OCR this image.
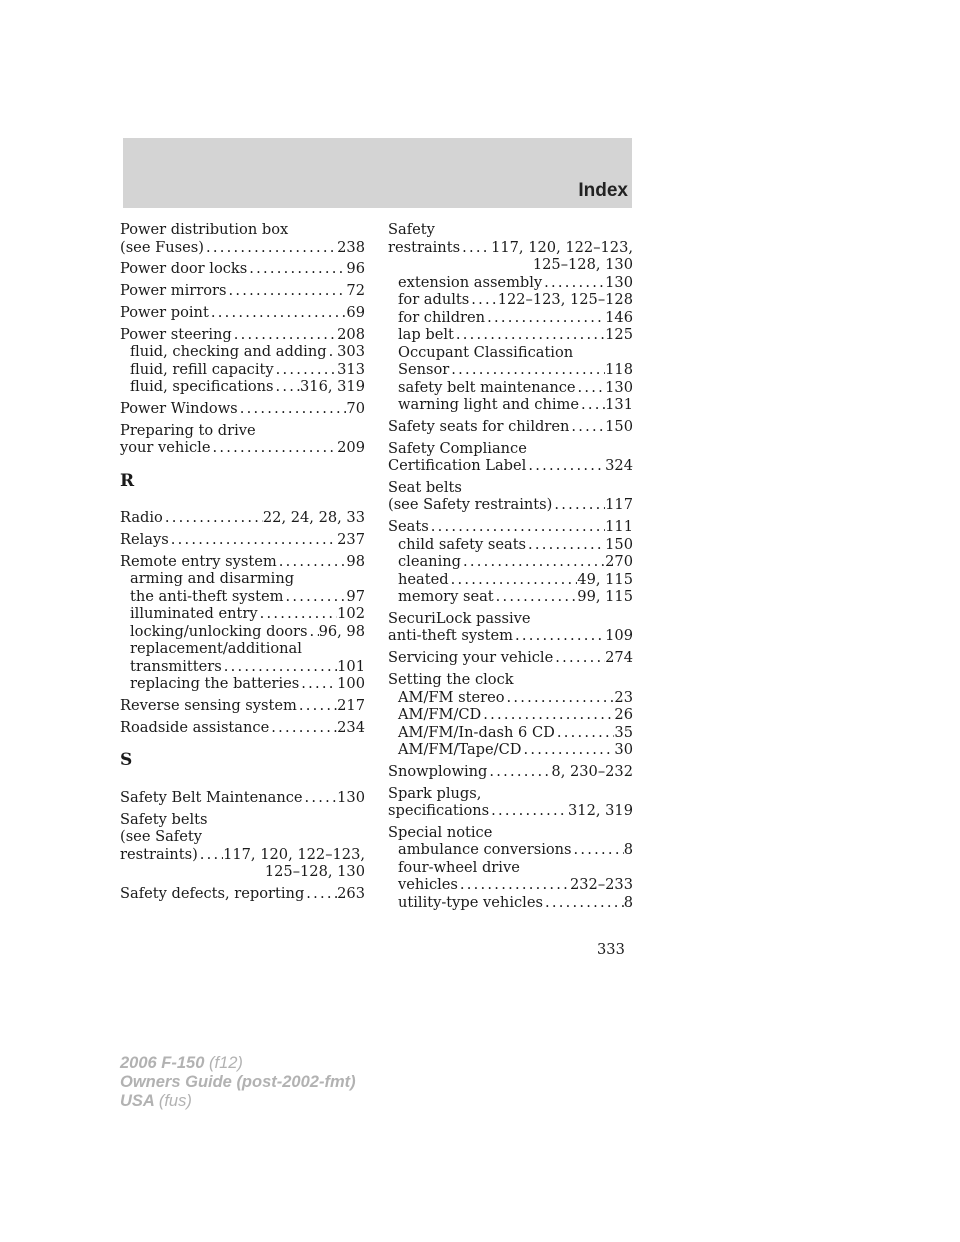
Index
Power distribution box
(see Fuses) . . .	238
Power door locks . . .	96
Power mirrors . . .	72
Power point . . .	69
Power steering . . .	208
fluid, checking and adding . . . 303
fluid, refill capacity . . .	313
fluid, specifications . . . 316, 319
Power Windows . . .	70
Preparing to drive
your vehicle . . .	209
R
Radio . . .	22, 24, 28, 33
Relays . . .	237
Remote entry system . . .	98
arming and disarming
the anti-theft system . . .	97
illuminated entry . . .	102
locking/unlocking doors . . . 96, 98
replacement/additional
transmitters . . .	101
replacing the batteries . . .	100
Reverse sensing system . . .	217
Roadside assistance . . .	234
S
Safety Belt Maintenance . . . 130
Safety belts
(see Safety
restraints) . . . 117, 120, 122–123,
125–128, 130
Safety defects, reporting . . . 263
Safety
restraints . . . 117, 120, 122–123,
125–128, 130
extension assembly . . .	130
for adults . . . 122–123, 125–128
for children . . .	146
lap belt . . .	125
Occupant Classification
Sensor . . .	118
safety belt maintenance . . . 130
warning light and chime . . . 131
Safety seats for children . . . 150
Safety Compliance
Certification Label . . .	324
Seat belts
(see Safety restraints) . . .	117
Seats . . .	111
child safety seats . . .	150
cleaning . . .	270
heated . . .	49, 115
memory seat . . .	99, 115
SecuriLock passive
anti-theft system . . .	109
Servicing your vehicle . . .	274
Setting the clock
AM/FM stereo . . .	23
AM/FM/CD . . .	26
AM/FM/In-dash 6 CD . . .	35
AM/FM/Tape/CD . . .	30
Snowplowing . . .	8, 230–232
Spark plugs,
specifications . . .	312, 319
Special notice
ambulance conversions . . .	8
four-wheel drive
vehicles . . .	232–233
utility-type vehicles . . .	8
333
2006 F-150 (f12)
Owners Guide (post-2002-fmt)
USA (fus)
